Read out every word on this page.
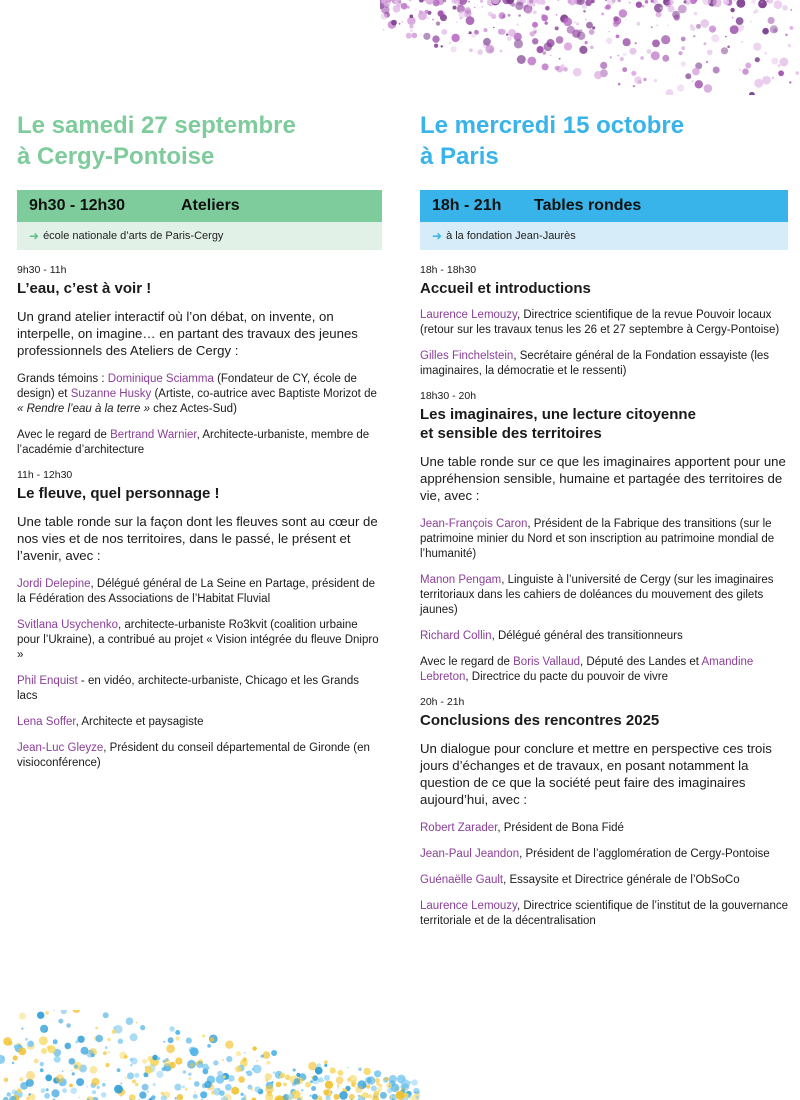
Le samedi 27 septembre
à Cergy-Pontoise
9h30 - 12h30	Ateliers
➜ école nationale d’arts de Paris-Cergy
9h30 - 11h
L’eau, c’est à voir !
Un grand atelier interactif où l’on débat, on invente, on interpelle, on imagine… en partant des travaux des jeunes professionnels des Ateliers de Cergy :
Grands témoins : Dominique Sciamma (Fondateur de CY, école de design) et Suzanne Husky (Artiste, co-autrice avec Baptiste Morizot de « Rendre l’eau à la terre » chez Actes-Sud)
Avec le regard de Bertrand Warnier, Architecte-urbaniste, membre de l’académie d’architecture
11h - 12h30
Le fleuve, quel personnage !
Une table ronde sur la façon dont les fleuves sont au cœur de nos vies et de nos territoires, dans le passé, le présent et l’avenir, avec :
Jordi Delepine, Délégué général de La Seine en Partage, président de la Fédération des Associations de l’Habitat Fluvial
Svitlana Usychenko, architecte-urbaniste Ro3kvit (coalition urbaine pour l’Ukraine), a contribué au projet « Vision intégrée du fleuve Dnipro »
Phil Enquist - en vidéo, architecte-urbaniste, Chicago et les Grands lacs
Lena Soffer, Architecte et paysagiste
Jean-Luc Gleyze, Président du conseil départemental de Gironde (en visioconférence)
Le mercredi 15 octobre
à Paris
18h - 21h	Tables rondes
➜ à la fondation Jean-Jaurès
18h - 18h30
Accueil et introductions
Laurence Lemouzy, Directrice scientifique de la revue Pouvoir locaux (retour sur les travaux tenus les 26 et 27 septembre à Cergy-Pontoise)
Gilles Finchelstein, Secrétaire général de la Fondation essayiste (les imaginaires, la démocratie et le ressenti)
18h30 - 20h
Les imaginaires, une lecture citoyenne
et sensible des territoires
Une table ronde sur ce que les imaginaires apportent pour une appréhension sensible, humaine et partagée des territoires de vie, avec :
Jean-François Caron, Président de la Fabrique des transitions (sur le patrimoine minier du Nord et son inscription au patrimoine mondial de l’humanité)
Manon Pengam, Linguiste à l’université de Cergy (sur les imaginaires territoriaux dans les cahiers de doléances du mouvement des gilets jaunes)
Richard Collin, Délégué général des transitionneurs
Avec le regard de Boris Vallaud, Député des Landes et Amandine Lebreton, Directrice du pacte du pouvoir de vivre
20h - 21h
Conclusions des rencontres 2025
Un dialogue pour conclure et mettre en perspective ces trois jours d’échanges et de travaux, en posant notamment la question de ce que la société peut faire des imaginaires aujourd’hui, avec :
Robert Zarader, Président de Bona Fidé
Jean-Paul Jeandon, Président de l’agglomération de Cergy-Pontoise
Guénaëlle Gault, Essaysite et Directrice générale de l’ObSoCo
Laurence Lemouzy, Directrice scientifique de l’institut de la gouvernance territoriale et de la décentralisation
